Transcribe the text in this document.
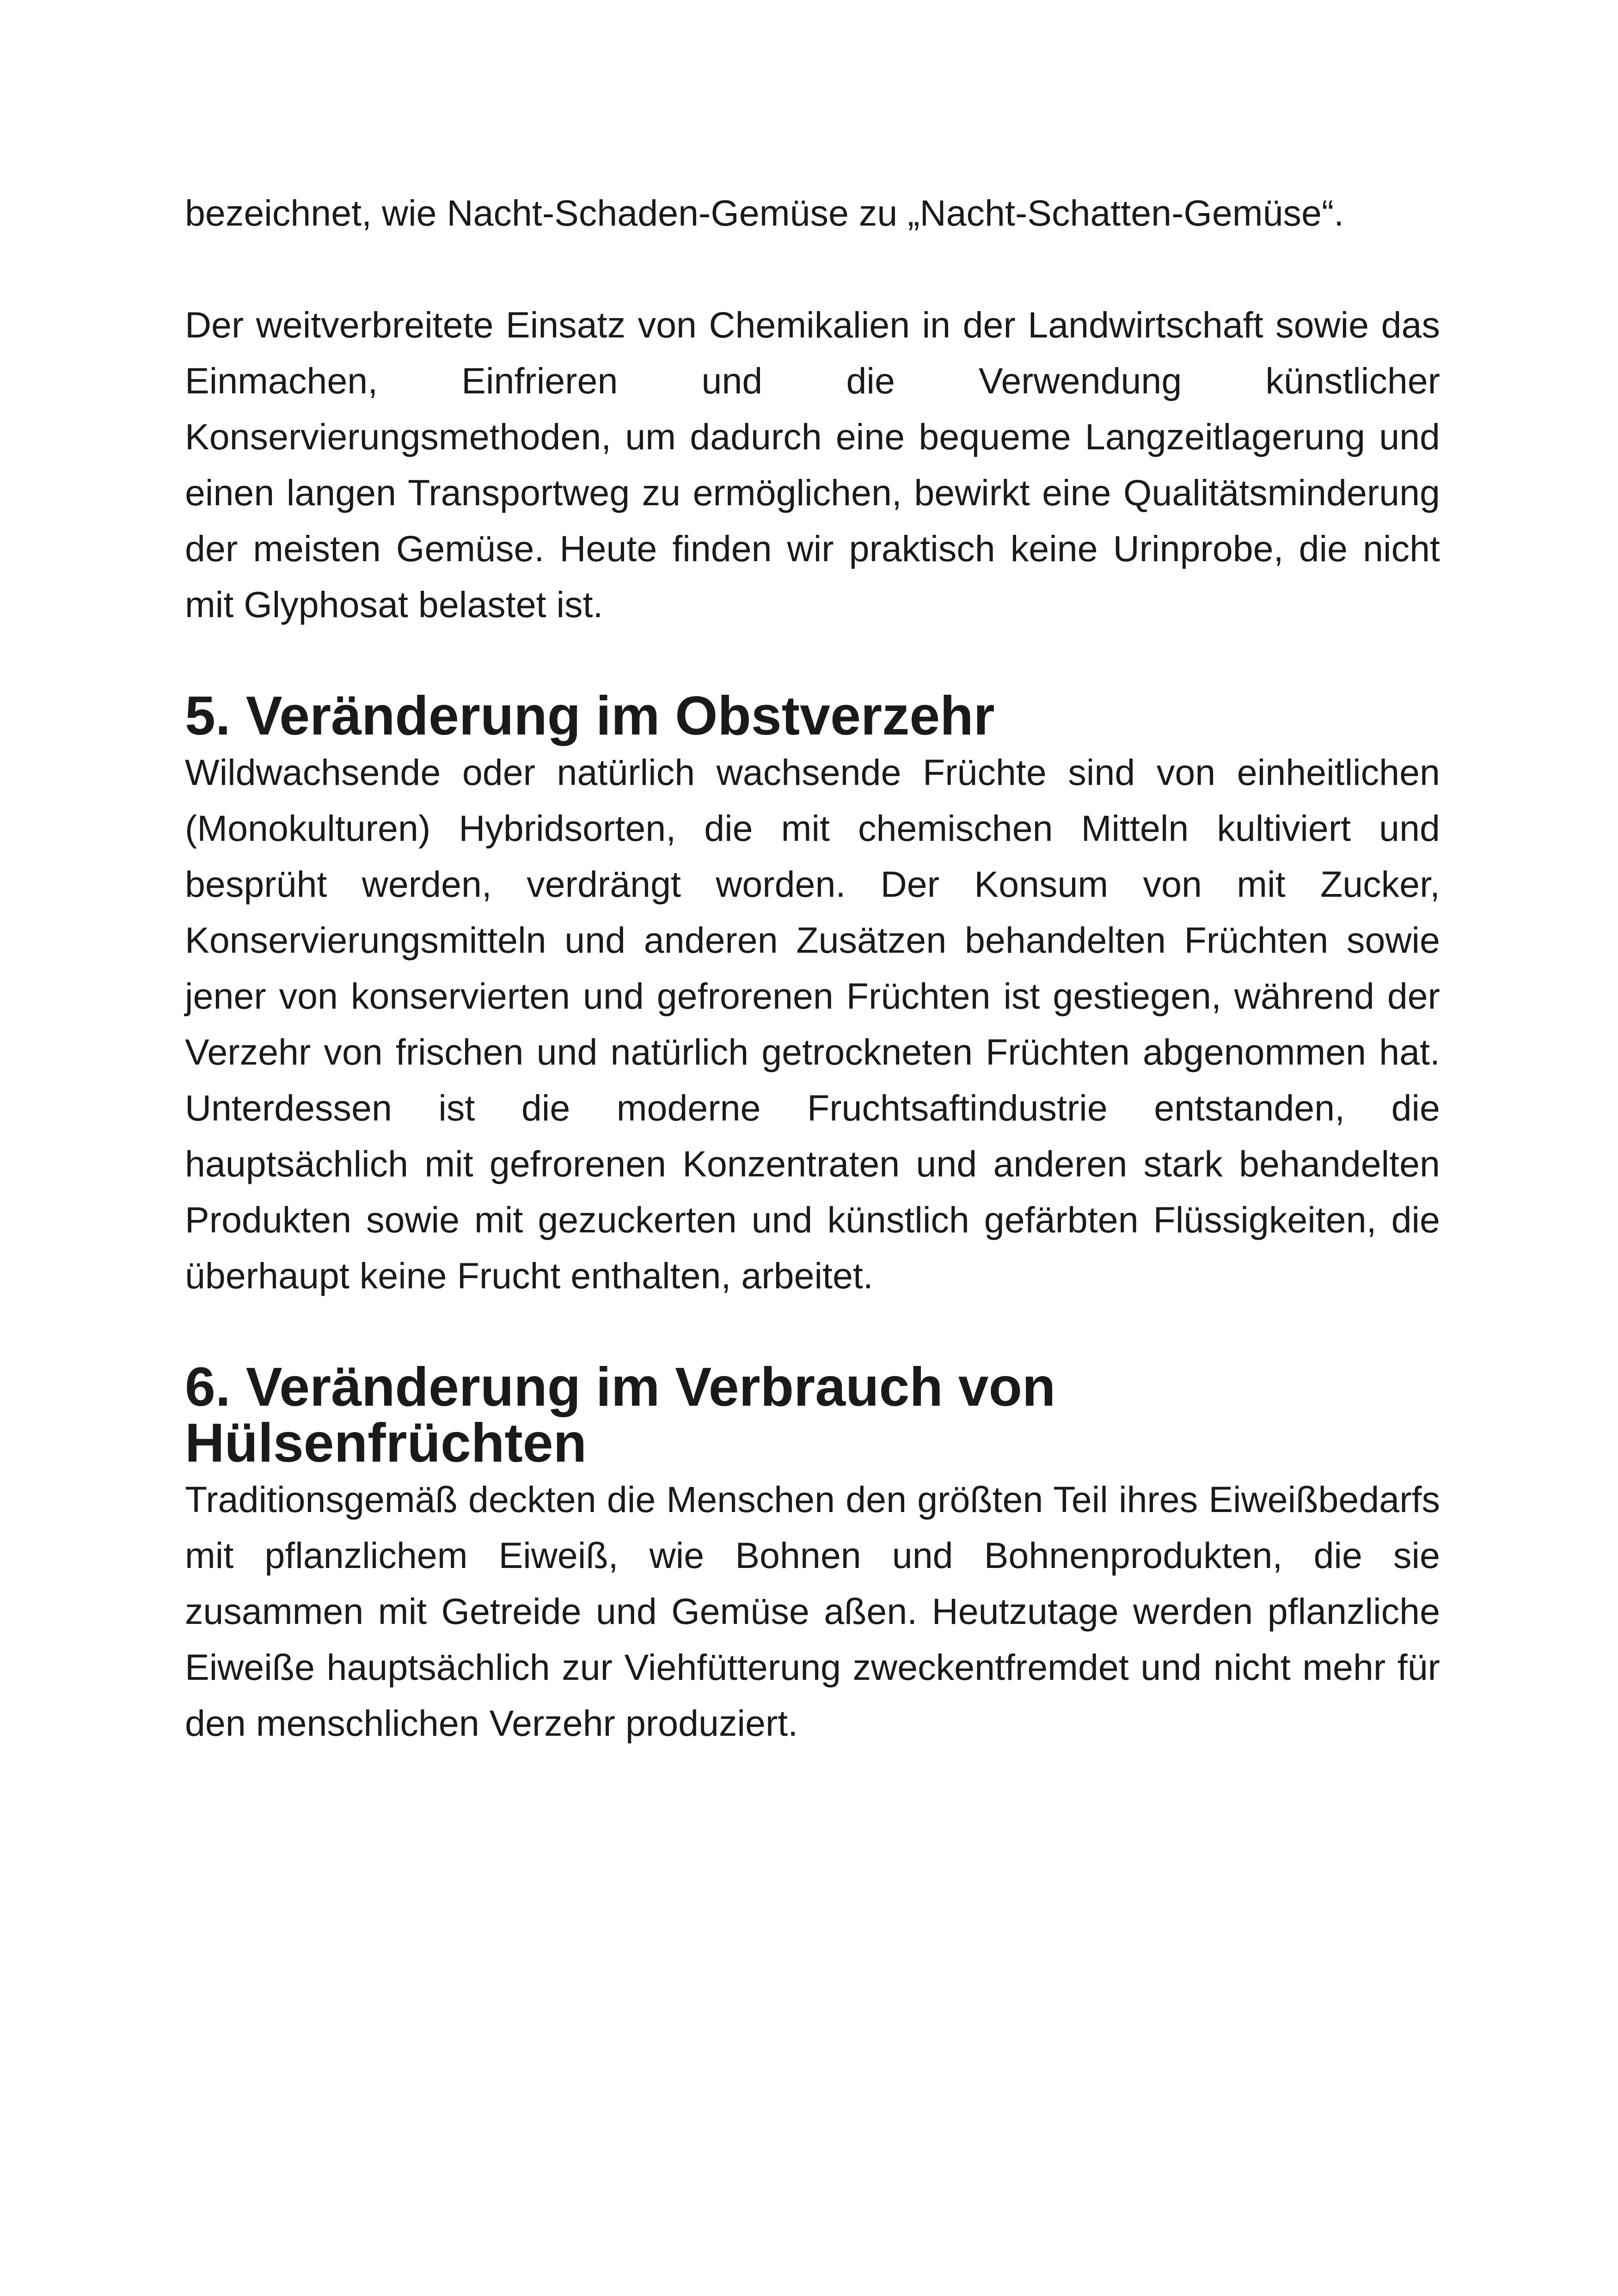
bezeichnet, wie Nacht-Schaden-Gemüse zu „Nacht-Schatten-Gemüse“.

Der weitverbreitete Einsatz von Chemikalien in der Landwirtschaft sowie das Einmachen, Einfrieren und die Verwendung künstlicher Konservierungsmethoden, um dadurch eine bequeme Langzeitlagerung und einen langen Transportweg zu ermöglichen, bewirkt eine Qualitätsminderung der meisten Gemüse. Heute finden wir praktisch keine Urinprobe, die nicht mit Glyphosat belastet ist.

5. Veränderung im Obstverzehr

Wildwachsende oder natürlich wachsende Früchte sind von einheitlichen (Monokulturen) Hybridsorten, die mit chemischen Mitteln kultiviert und besprüht werden, verdrängt worden. Der Konsum von mit Zucker, Konservierungsmitteln und anderen Zusätzen behandelten Früchten sowie jener von konservierten und gefrorenen Früchten ist gestiegen, während der Verzehr von frischen und natürlich getrockneten Früchten abgenommen hat. Unterdessen ist die moderne Fruchtsaftindustrie entstanden, die hauptsächlich mit gefrorenen Konzentraten und anderen stark behandelten Produkten sowie mit gezuckerten und künstlich gefärbten Flüssigkeiten, die überhaupt keine Frucht enthalten, arbeitet.

6. Veränderung im Verbrauch von Hülsenfrüchten

Traditionsgemäß deckten die Menschen den größten Teil ihres Eiweißbedarfs mit pflanzlichem Eiweiß, wie Bohnen und Bohnenprodukten, die sie zusammen mit Getreide und Gemüse aßen. Heutzutage werden pflanzliche Eiweiße hauptsächlich zur Viehfütterung zweckentfremdet und nicht mehr für den menschlichen Verzehr produziert.
